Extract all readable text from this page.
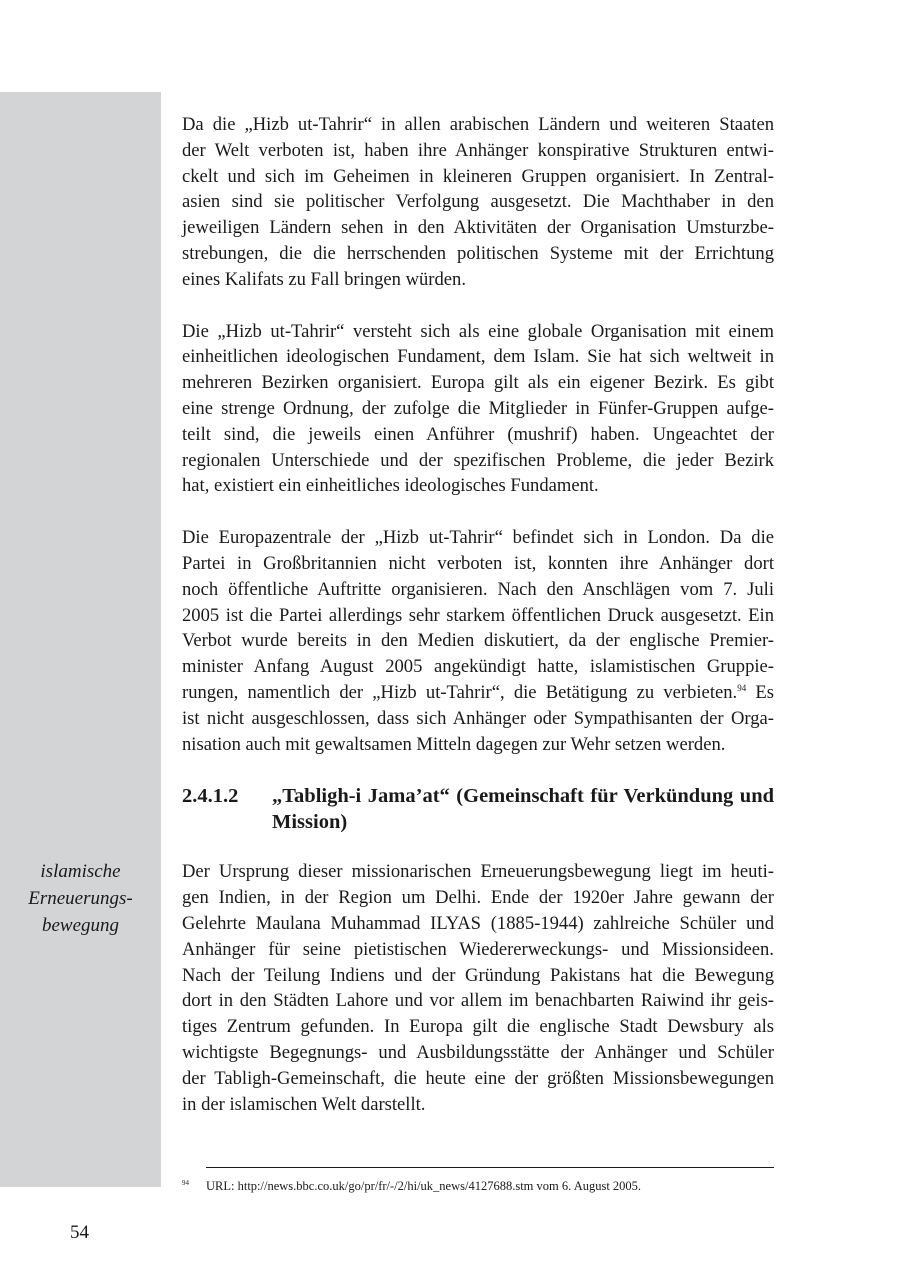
islamische
Erneuerungs-
bewegung

Da die „Hizb ut-Tahrir“ in allen arabischen Ländern und weiteren Staaten
der Welt verboten ist, haben ihre Anhänger konspirative Strukturen entwi-
ckelt und sich im Geheimen in kleineren Gruppen organisiert. In Zentral-
asien sind sie politischer Verfolgung ausgesetzt. Die Machthaber in den
jeweiligen Ländern sehen in den Aktivitäten der Organisation Umsturzbe-
strebungen, die die herrschenden politischen Systeme mit der Errichtung
eines Kalifats zu Fall bringen würden.

Die „Hizb ut-Tahrir“ versteht sich als eine globale Organisation mit einem
einheitlichen ideologischen Fundament, dem Islam. Sie hat sich weltweit in
mehreren Bezirken organisiert. Europa gilt als ein eigener Bezirk. Es gibt
eine strenge Ordnung, der zufolge die Mitglieder in Fünfer-Gruppen aufge-
teilt sind, die jeweils einen Anführer (mushrif) haben. Ungeachtet der
regionalen Unterschiede und der spezifischen Probleme, die jeder Bezirk
hat, existiert ein einheitliches ideologisches Fundament.

Die Europazentrale der „Hizb ut-Tahrir“ befindet sich in London. Da die
Partei in Großbritannien nicht verboten ist, konnten ihre Anhänger dort
noch öffentliche Auftritte organisieren. Nach den Anschlägen vom 7. Juli
2005 ist die Partei allerdings sehr starkem öffentlichen Druck ausgesetzt. Ein
Verbot wurde bereits in den Medien diskutiert, da der englische Premier-
minister Anfang August 2005 angekündigt hatte, islamistischen Gruppie-
rungen, namentlich der „Hizb ut-Tahrir“, die Betätigung zu verbieten.$^{94}$ Es
ist nicht ausgeschlossen, dass sich Anhänger oder Sympathisanten der Orga-
nisation auch mit gewaltsamen Mitteln dagegen zur Wehr setzen werden.

2.4.1.2	„Tabligh-i Jama’at“ (Gemeinschaft für Verkündung und
Mission)

Der Ursprung dieser missionarischen Erneuerungsbewegung liegt im heuti-
gen Indien, in der Region um Delhi. Ende der 1920er Jahre gewann der
Gelehrte Maulana Muhammad ILYAS (1885-1944) zahlreiche Schüler und
Anhänger für seine pietistischen Wiedererweckungs- und Missionsideen.
Nach der Teilung Indiens und der Gründung Pakistans hat die Bewegung
dort in den Städten Lahore und vor allem im benachbarten Raiwind ihr geis-
tiges Zentrum gefunden. In Europa gilt die englische Stadt Dewsbury als
wichtigste Begegnungs- und Ausbildungsstätte der Anhänger und Schüler
der Tabligh-Gemeinschaft, die heute eine der größten Missionsbewegungen
in der islamischen Welt darstellt.

94	URL: http://news.bbc.co.uk/go/pr/fr/-/2/hi/uk_news/4127688.stm vom 6. August 2005.
54
